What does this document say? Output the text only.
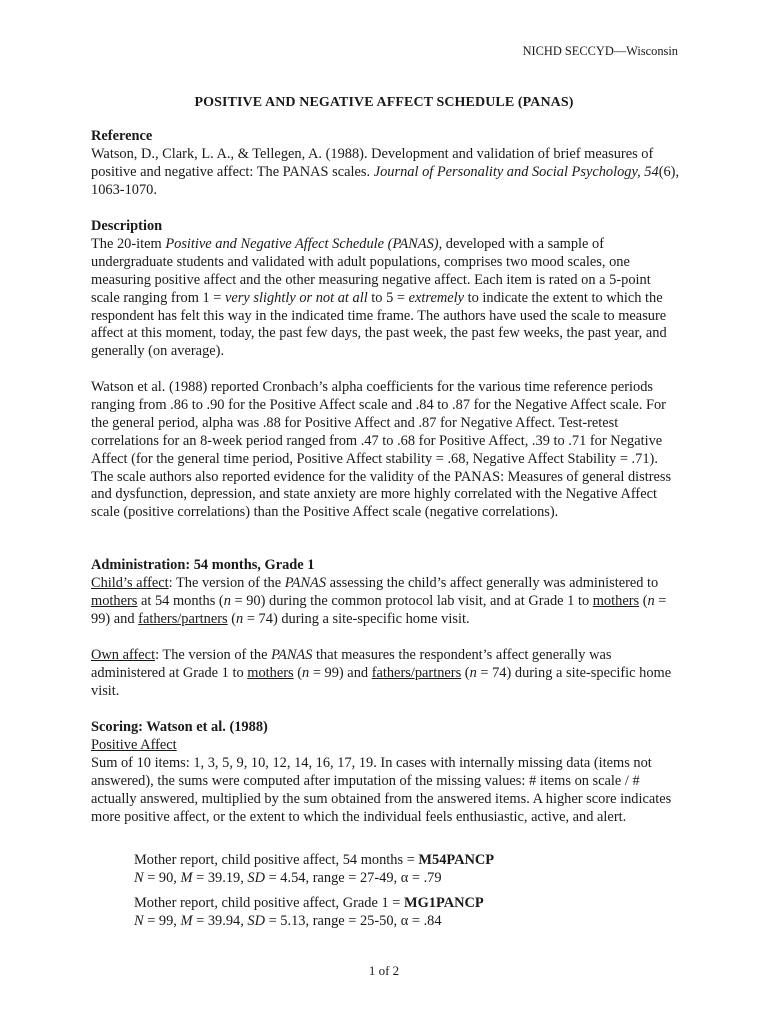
NICHD SECCYD—Wisconsin
POSITIVE AND NEGATIVE AFFECT SCHEDULE (PANAS)
Reference

Watson, D., Clark, L. A., & Tellegen, A. (1988). Development and validation of brief measures of positive and negative affect: The PANAS scales. Journal of Personality and Social Psychology, 54(6), 1063-1070.

Description

The 20-item Positive and Negative Affect Schedule (PANAS), developed with a sample of undergraduate students and validated with adult populations, comprises two mood scales, one measuring positive affect and the other measuring negative affect. Each item is rated on a 5-point scale ranging from 1 = very slightly or not at all to 5 = extremely to indicate the extent to which the respondent has felt this way in the indicated time frame. The authors have used the scale to measure affect at this moment, today, the past few days, the past week, the past few weeks, the past year, and generally (on average).

Watson et al. (1988) reported Cronbach’s alpha coefficients for the various time reference periods ranging from .86 to .90 for the Positive Affect scale and .84 to .87 for the Negative Affect scale. For the general period, alpha was .88 for Positive Affect and .87 for Negative Affect. Test-retest correlations for an 8-week period ranged from .47 to .68 for Positive Affect, .39 to .71 for Negative Affect (for the general time period, Positive Affect stability = .68, Negative Affect Stability = .71). The scale authors also reported evidence for the validity of the PANAS: Measures of general distress and dysfunction, depression, and state anxiety are more highly correlated with the Negative Affect scale (positive correlations) than the Positive Affect scale (negative correlations).

Administration: 54 months, Grade 1

Child’s affect: The version of the PANAS assessing the child’s affect generally was administered to mothers at 54 months (n = 90) during the common protocol lab visit, and at Grade 1 to mothers (n = 99) and fathers/partners (n = 74) during a site-specific home visit.

Own affect: The version of the PANAS that measures the respondent’s affect generally was administered at Grade 1 to mothers (n = 99) and fathers/partners (n = 74) during a site-specific home visit.

Scoring: Watson et al. (1988)
Positive Affect

Sum of 10 items: 1, 3, 5, 9, 10, 12, 14, 16, 17, 19. In cases with internally missing data (items not answered), the sums were computed after imputation of the missing values: # items on scale / # actually answered, multiplied by the sum obtained from the answered items. A higher score indicates more positive affect, or the extent to which the individual feels enthusiastic, active, and alert.

Mother report, child positive affect, 54 months = M54PANCP
N = 90, M = 39.19, SD = 4.54, range = 27-49, α = .79
Mother report, child positive affect, Grade 1 = MG1PANCP
N = 99, M = 39.94, SD = 5.13, range = 25-50, α = .84
1 of 2
